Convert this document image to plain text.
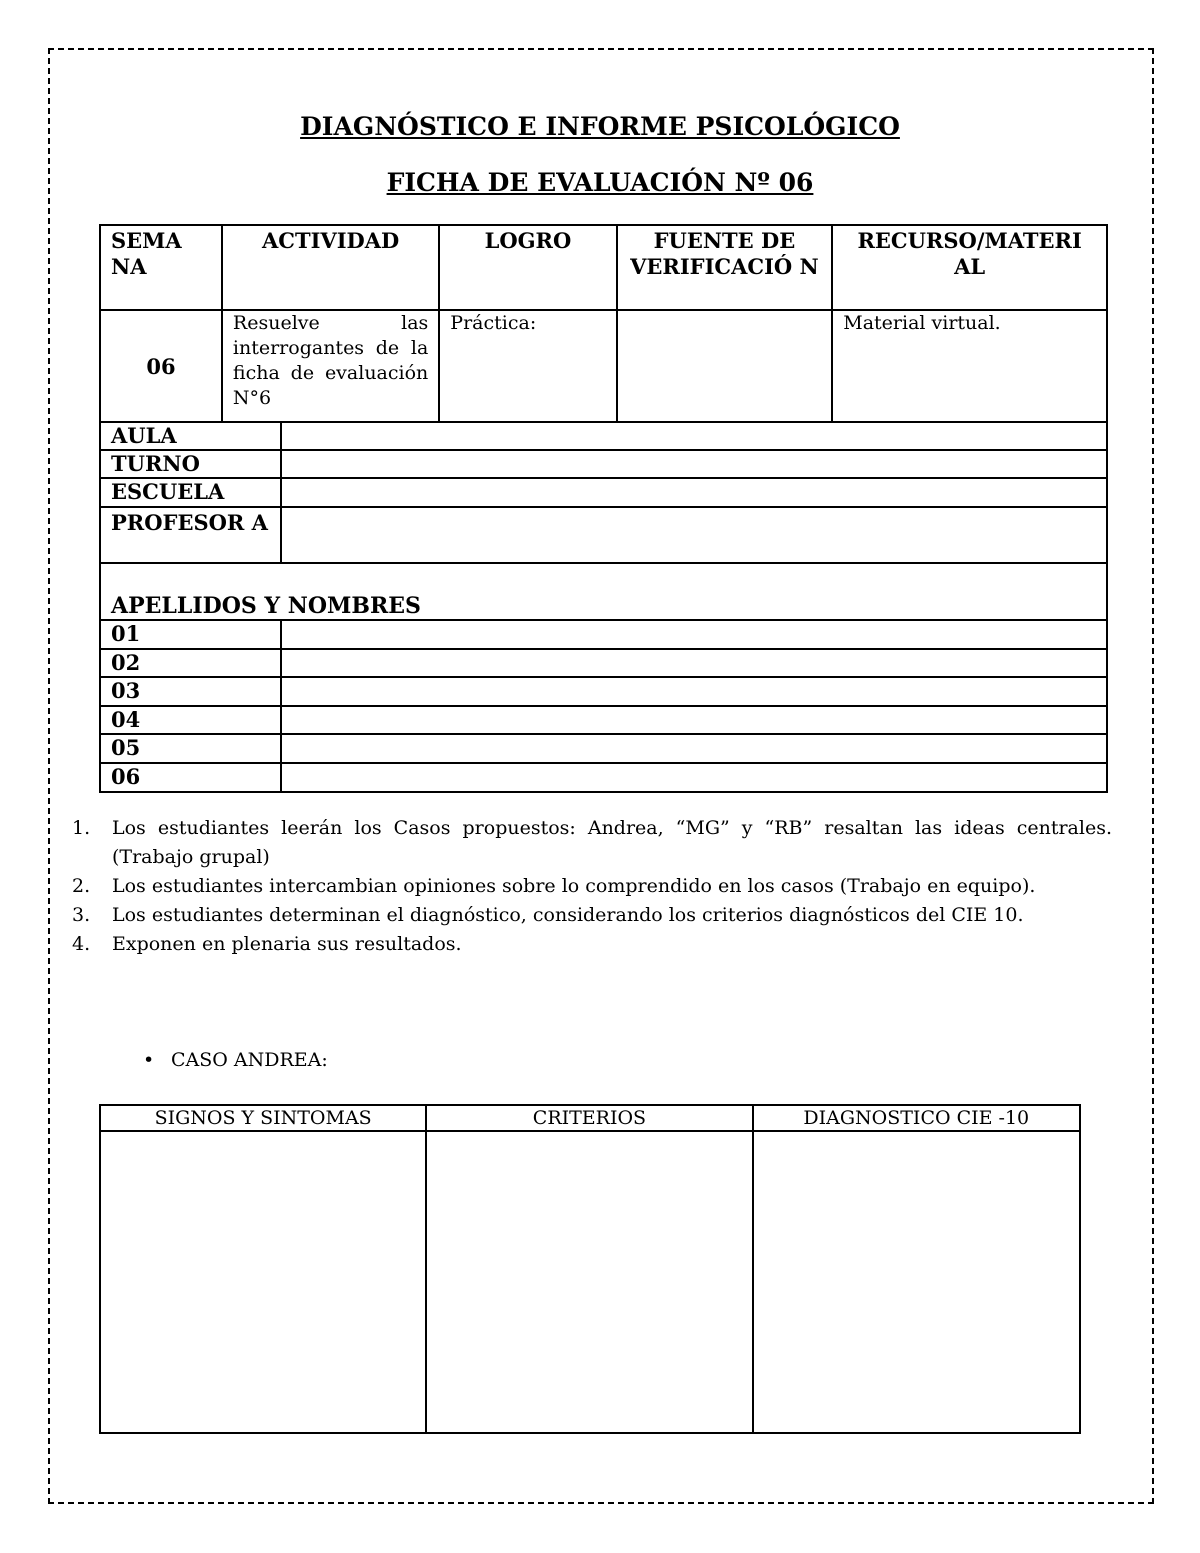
DIAGNÓSTICO E INFORME PSICOLÓGICO
FICHA DE EVALUACIÓN Nº 06
SEMA NA	ACTIVIDAD		LOGRO	FUENTE DE VERIFICACIÓ N	RECURSO/MATERI AL
06	Resuelve las interrogantes de la ficha de evaluación N°6		Práctica:		Material virtual.
AULA					
TURNO					
ESCUELA					
PROFESOR A					
APELLIDOS Y NOMBRES					
01					
02					
03					
04					
05					
06					
1. Los estudiantes leerán los Casos propuestos: Andrea, “MG” y “RB” resaltan las ideas centrales. (Trabajo grupal)
2. Los estudiantes intercambian opiniones sobre lo comprendido en los casos (Trabajo en equipo).
3. Los estudiantes determinan el diagnóstico, considerando los criterios diagnósticos del CIE 10.
4. Exponen en plenaria sus resultados.
• CASO ANDREA:
SIGNOS Y SINTOMAS	CRITERIOS	DIAGNOSTICO CIE -10
